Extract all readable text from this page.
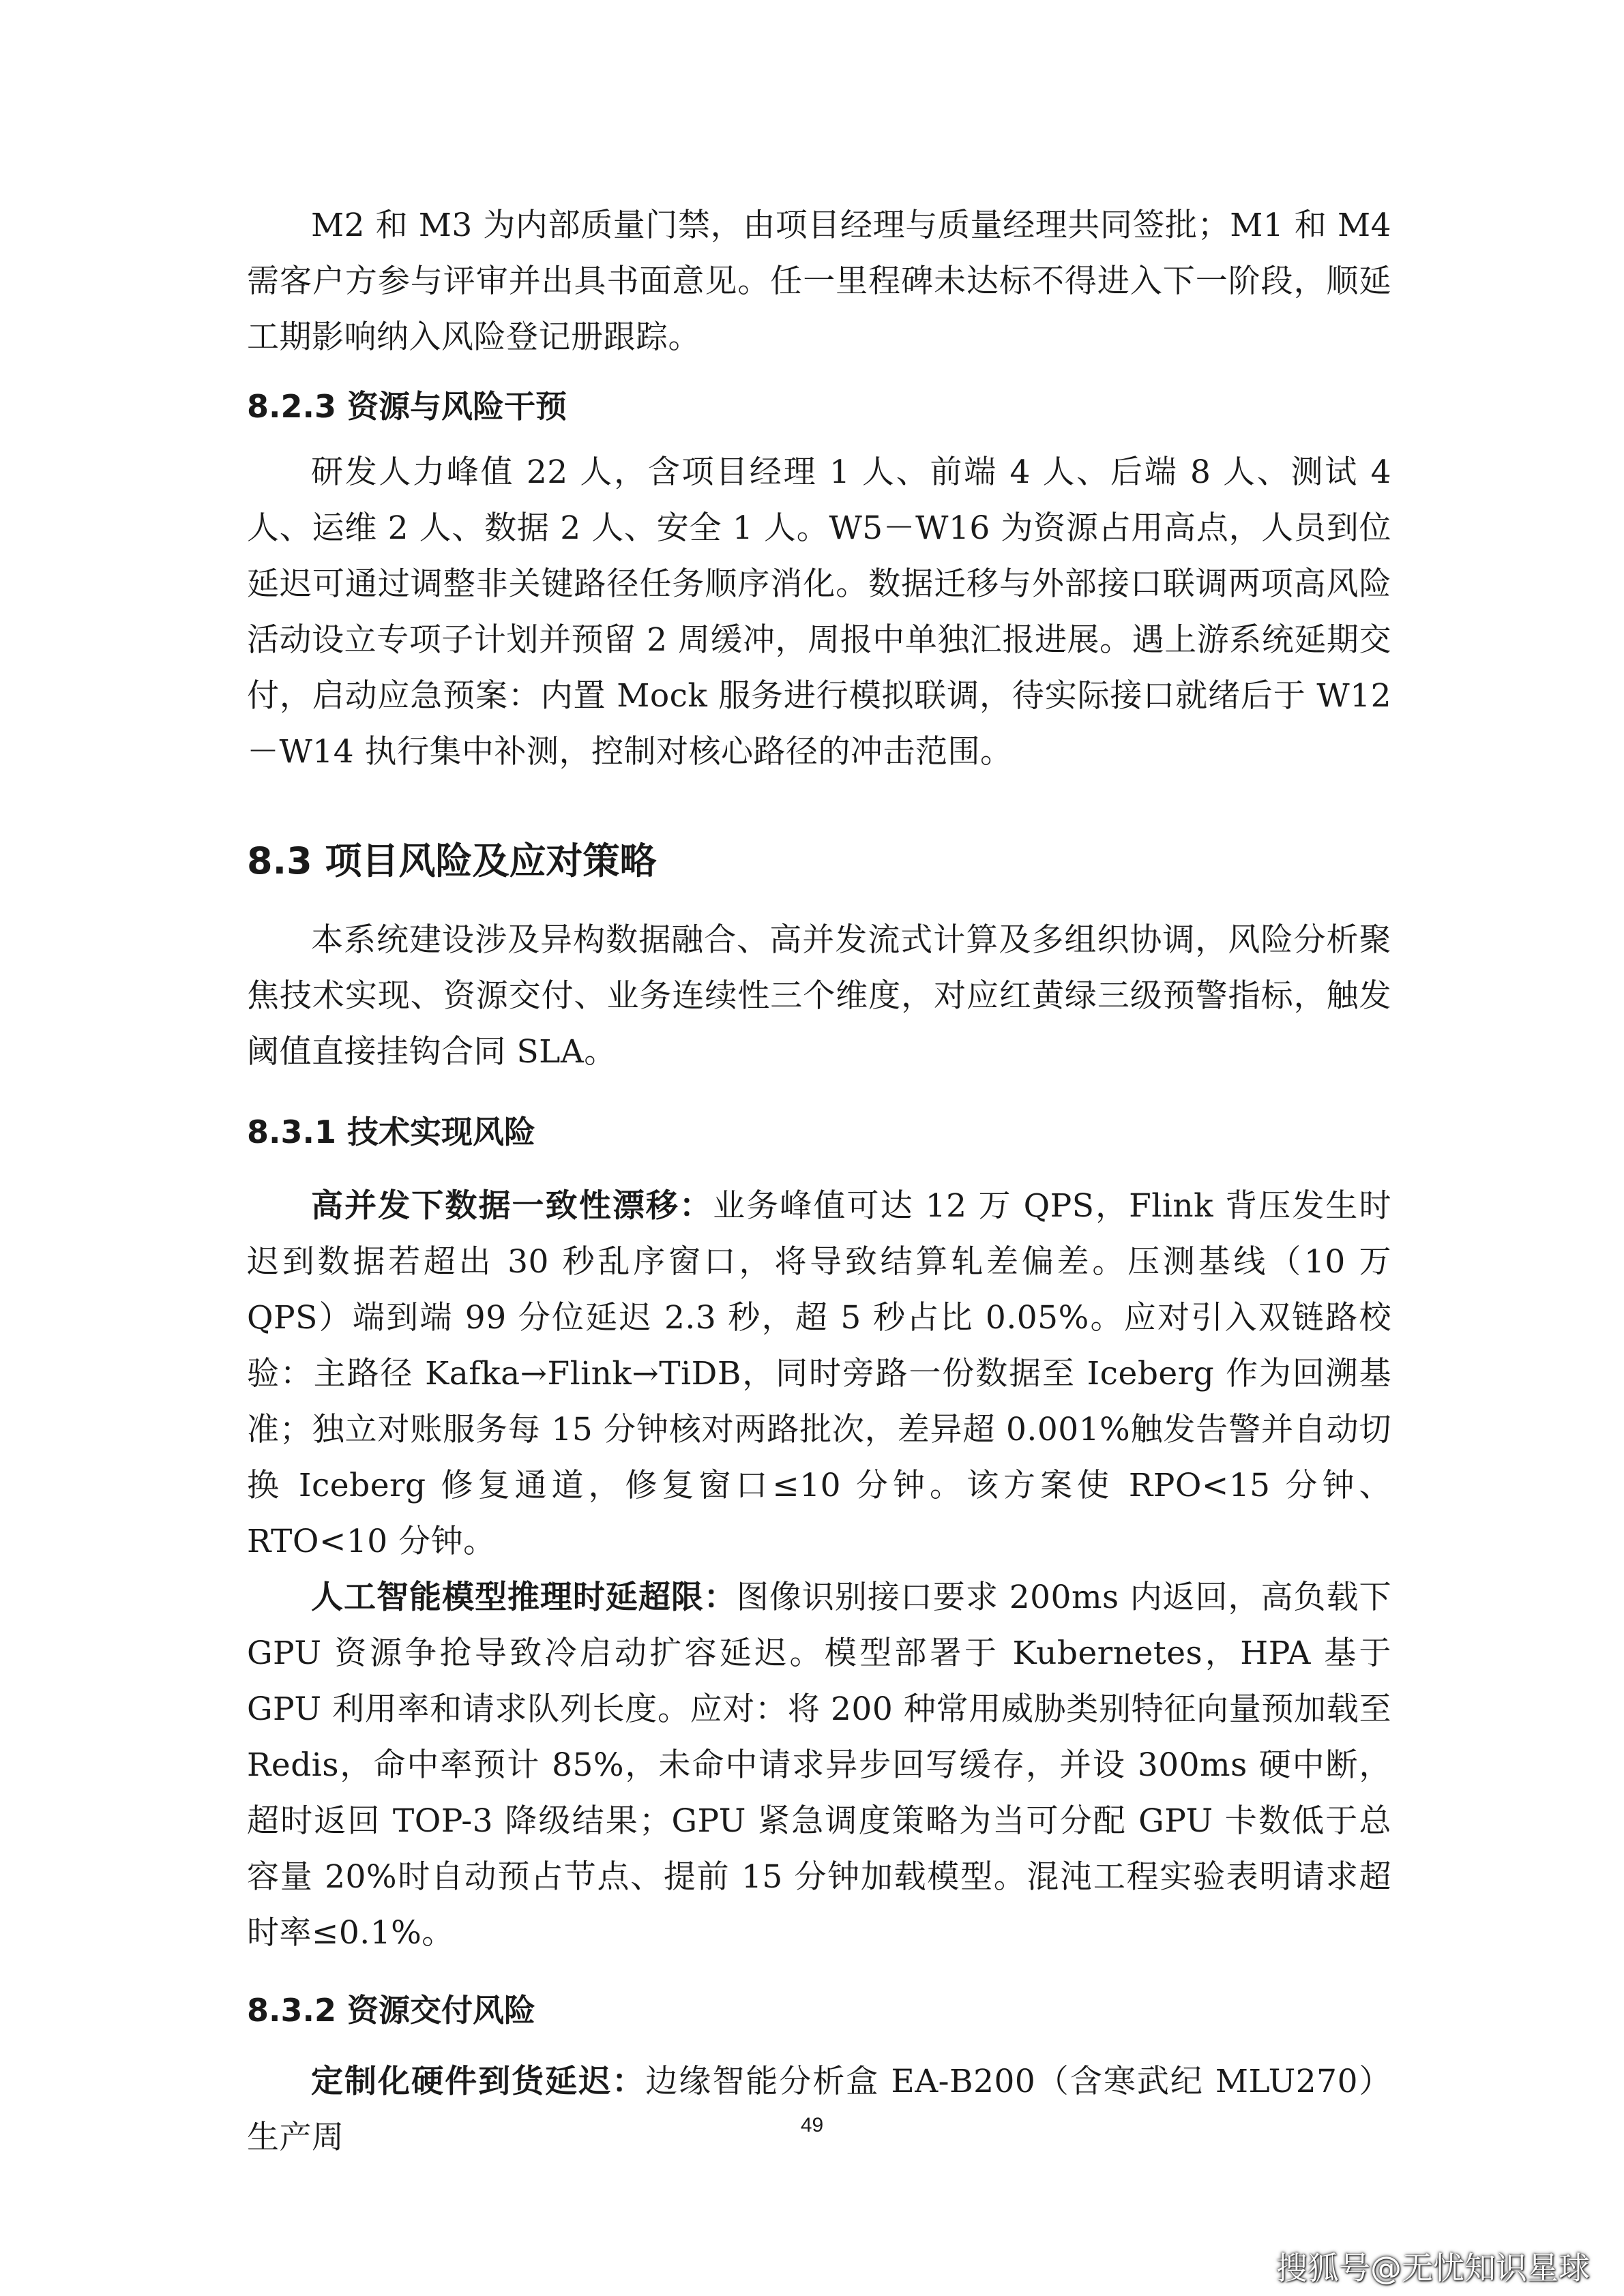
M2 和 M3 为内部质量门禁，由项目经理与质量经理共同签批；M1 和 M4 需客户方参与评审并出具书面意见。任一里程碑未达标不得进入下一阶段，顺延工期影响纳入风险登记册跟踪。

8.2.3 资源与风险干预

研发人力峰值 22 人，含项目经理 1 人、前端 4 人、后端 8 人、测试 4 人、运维 2 人、数据 2 人、安全 1 人。W5－W16 为资源占用高点，人员到位延迟可通过调整非关键路径任务顺序消化。数据迁移与外部接口联调两项高风险活动设立专项子计划并预留 2 周缓冲，周报中单独汇报进展。遇上游系统延期交付，启动应急预案：内置 Mock 服务进行模拟联调，待实际接口就绪后于 W12－W14 执行集中补测，控制对核心路径的冲击范围。

8.3 项目风险及应对策略

本系统建设涉及异构数据融合、高并发流式计算及多组织协调，风险分析聚焦技术实现、资源交付、业务连续性三个维度，对应红黄绿三级预警指标，触发阈值直接挂钩合同 SLA。

8.3.1 技术实现风险

高并发下数据一致性漂移：业务峰值可达 12 万 QPS，Flink 背压发生时迟到数据若超出 30 秒乱序窗口，将导致结算轧差偏差。压测基线（10 万 QPS）端到端 99 分位延迟 2.3 秒，超 5 秒占比 0.05%。应对引入双链路校验：主路径 Kafka→Flink→TiDB，同时旁路一份数据至 Iceberg 作为回溯基准；独立对账服务每 15 分钟核对两路批次，差异超 0.001%触发告警并自动切换 Iceberg 修复通道，修复窗口≤10 分钟。该方案使 RPO<15 分钟、RTO<10 分钟。

人工智能模型推理时延超限：图像识别接口要求 200ms 内返回，高负载下 GPU 资源争抢导致冷启动扩容延迟。模型部署于 Kubernetes，HPA 基于 GPU 利用率和请求队列长度。应对：将 200 种常用威胁类别特征向量预加载至 Redis，命中率预计 85%，未命中请求异步回写缓存，并设 300ms 硬中断，超时返回 TOP-3 降级结果；GPU 紧急调度策略为当可分配 GPU 卡数低于总容量 20%时自动预占节点、提前 15 分钟加载模型。混沌工程实验表明请求超时率≤0.1%。

8.3.2 资源交付风险

定制化硬件到货延迟：边缘智能分析盒 EA-B200（含寒武纪 MLU270）生产周	49
搜狐号@无忧知识星球
